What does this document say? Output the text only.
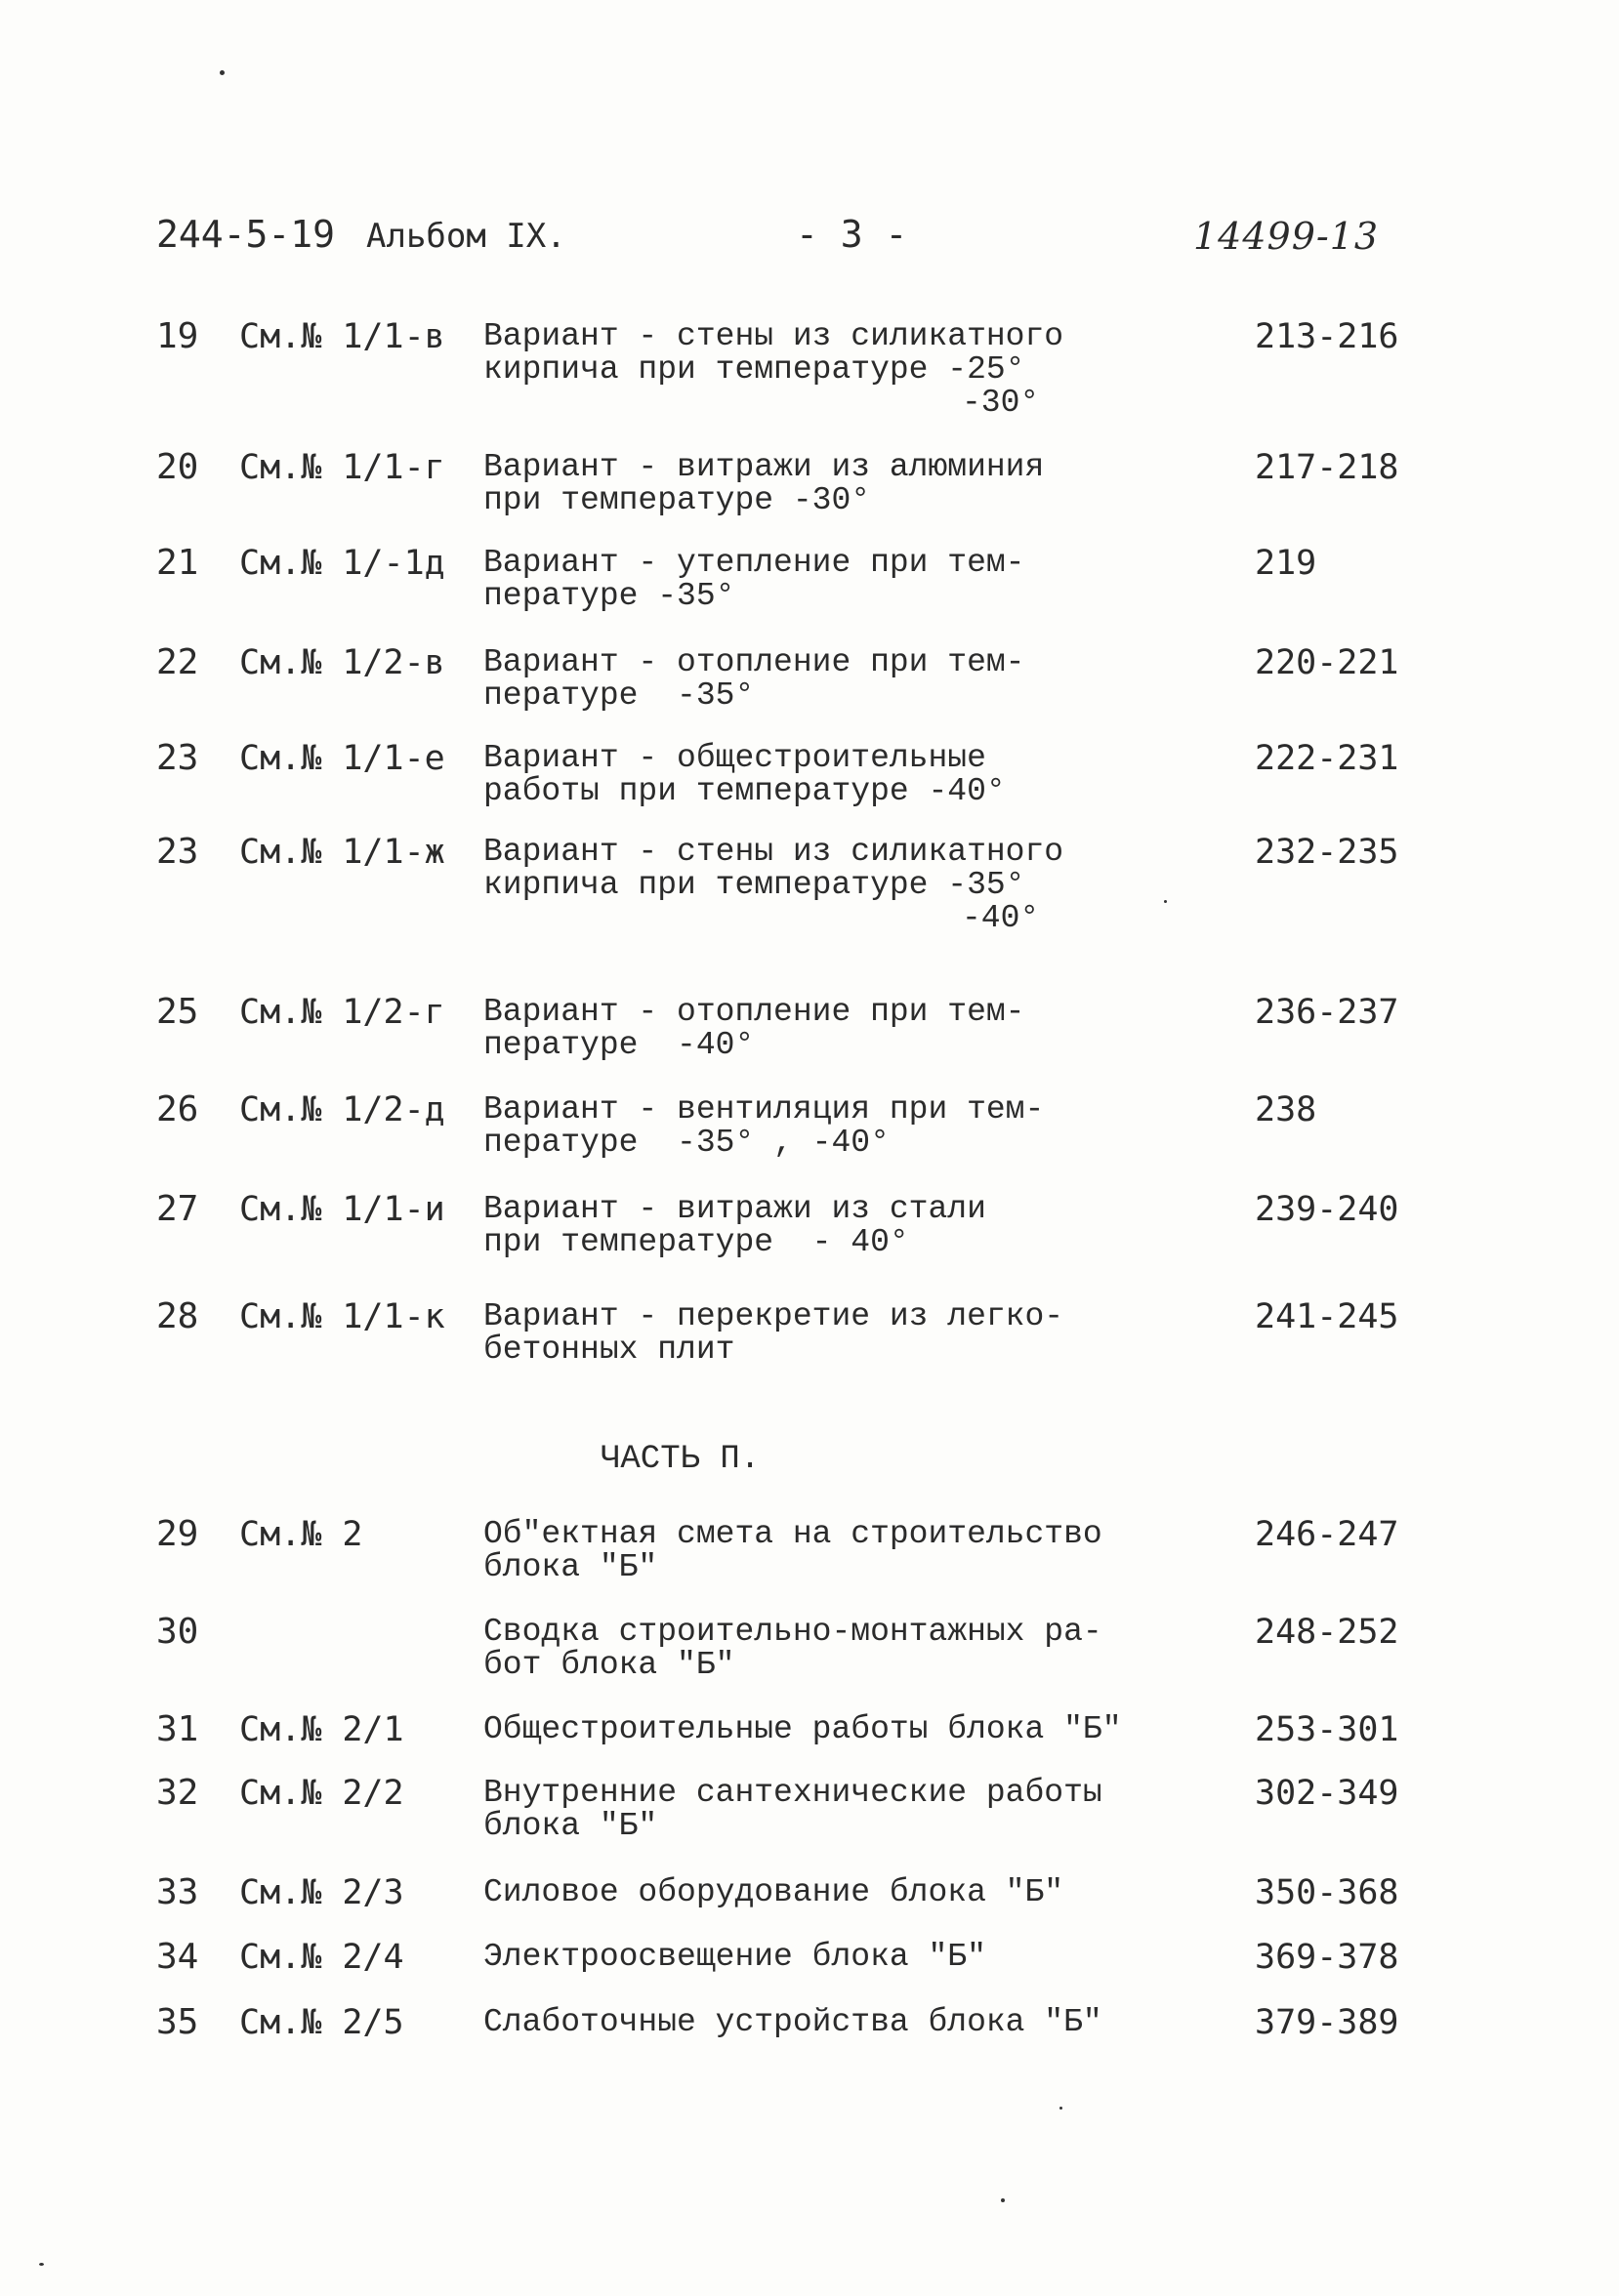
244-5-19 Альбом IX.	- 3 -	14499-13
19 См.№ 1/1-в Вариант - стены из силикатного
кирпича при температуре -25°
-30°
213-216
20 См.№ 1/1-г Вариант - витражи из алюминия
при температуре -30°
217-218
21 См.№ 1/-1д Вариант - утепление при тем-
пературе -35°
219
22 См.№ 1/2-в Вариант - отопление при тем-
пературе  -35°
220-221
23 См.№ 1/1-е Вариант - общестроительные
работы при температуре -40°
222-231
23 См.№ 1/1-ж Вариант - стены из силикатного
кирпича при температуре -35°
-40°
232-235
25 См.№ 1/2-г Вариант - отопление при тем-
пературе  -40°
236-237
26 См.№ 1/2-д Вариант - вентиляция при тем-
пературе  -35° , -40°
238
27 См.№ 1/1-и Вариант - витражи из стали
при температуре  - 40°
239-240
28 См.№ 1/1-к Вариант - перекретие из легко-
бетонных плит
241-245
ЧАСТЬ П.
29 См.№ 2	Об"ектная смета на строительство
блока "Б"
246-247
30	Сводка строительно-монтажных ра-
бот блока "Б"
248-252
31 См.№ 2/1 Общестроительные работы блока "Б"	253-301
32 См.№ 2/2 Внутренние сантехнические работы
блока "Б"
302-349
33 См.№ 2/3 Силовое оборудование блока "Б"	350-368
34 См.№ 2/4 Электроосвещение блока "Б"	369-378
35 См.№ 2/5 Слаботочные устройства блока "Б"	379-389
